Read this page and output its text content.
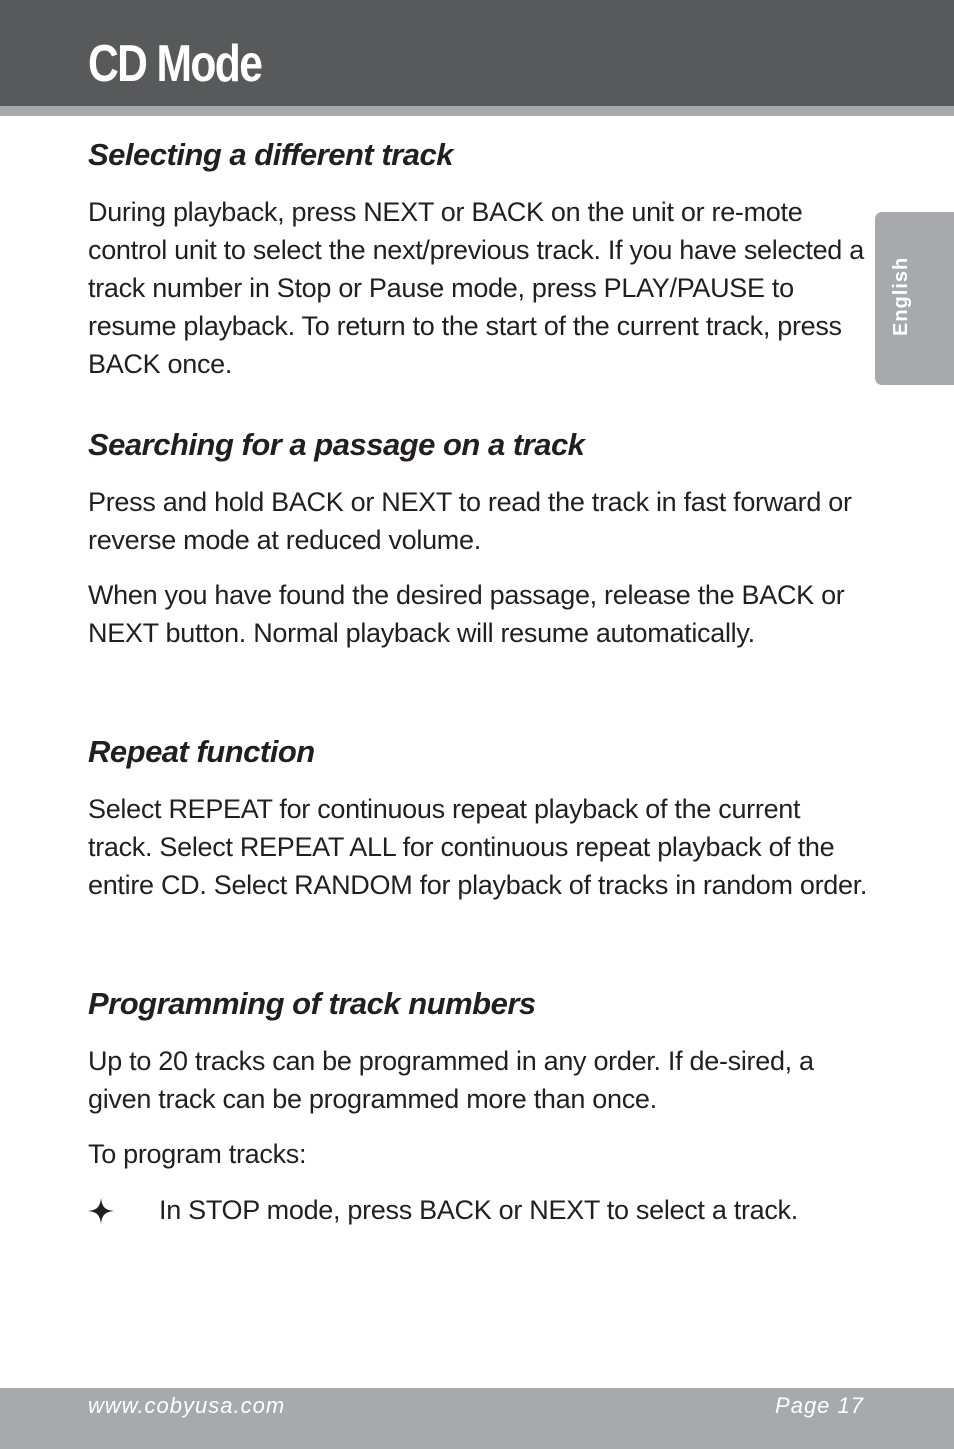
CD Mode
English
Selecting a different track

During playback, press NEXT or BACK on the unit or re-mote control unit to select the next/previous track. If you have selected a track number in Stop or Pause mode, press PLAY/PAUSE to resume playback. To return to the start of the current track, press BACK once.

Searching for a passage on a track

Press and hold BACK or NEXT to read the track in fast forward or reverse mode at reduced volume.

When you have found the desired passage, release the BACK or NEXT button. Normal playback will resume automatically.

Repeat function

Select REPEAT for continuous repeat playback of the current track. Select REPEAT ALL for continuous repeat playback of the entire CD. Select RANDOM for playback of tracks in random order.

Programming of track numbers

Up to 20 tracks can be programmed in any order. If de-sired, a given track can be programmed more than once.

To program tracks:

In STOP mode, press BACK or NEXT to select a track.

www.cobyusa.com	Page 17
